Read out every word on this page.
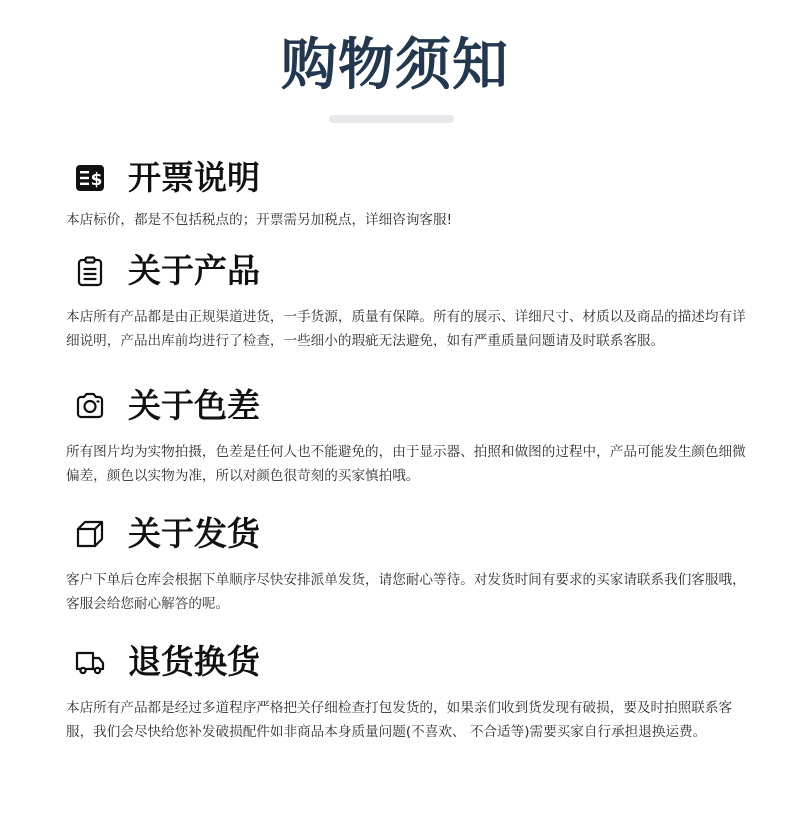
购物须知
$ 开票说明

本店标价，都是不包括税点的；开票需另加税点，详细咨询客服!

关于产品

本店所有产品都是由正规渠道进货，一手货源，质量有保障。所有的展示、详细尺寸、材质以及商品的描述均有详细说明，产品出库前均进行了检查，一些细小的瑕疵无法避免，如有严重质量问题请及时联系客服。

关于色差

所有图片均为实物拍摄，色差是任何人也不能避免的，由于显示器、拍照和做图的过程中，产品可能发生颜色细微偏差，颜色以实物为准，所以对颜色很苛刻的买家慎拍哦。

关于发货

客户下单后仓库会根据下单顺序尽快安排派单发货，请您耐心等待。对发货时间有要求的买家请联系我们客服哦，客服会给您耐心解答的呢。

退货换货

本店所有产品都是经过多道程序严格把关仔细检查打包发货的，如果亲们收到货发现有破损，要及时拍照联系客服，我们会尽快给您补发破损配件如非商品本身质量问题(不喜欢、 不合适等)需要买家自行承担退换运费。
